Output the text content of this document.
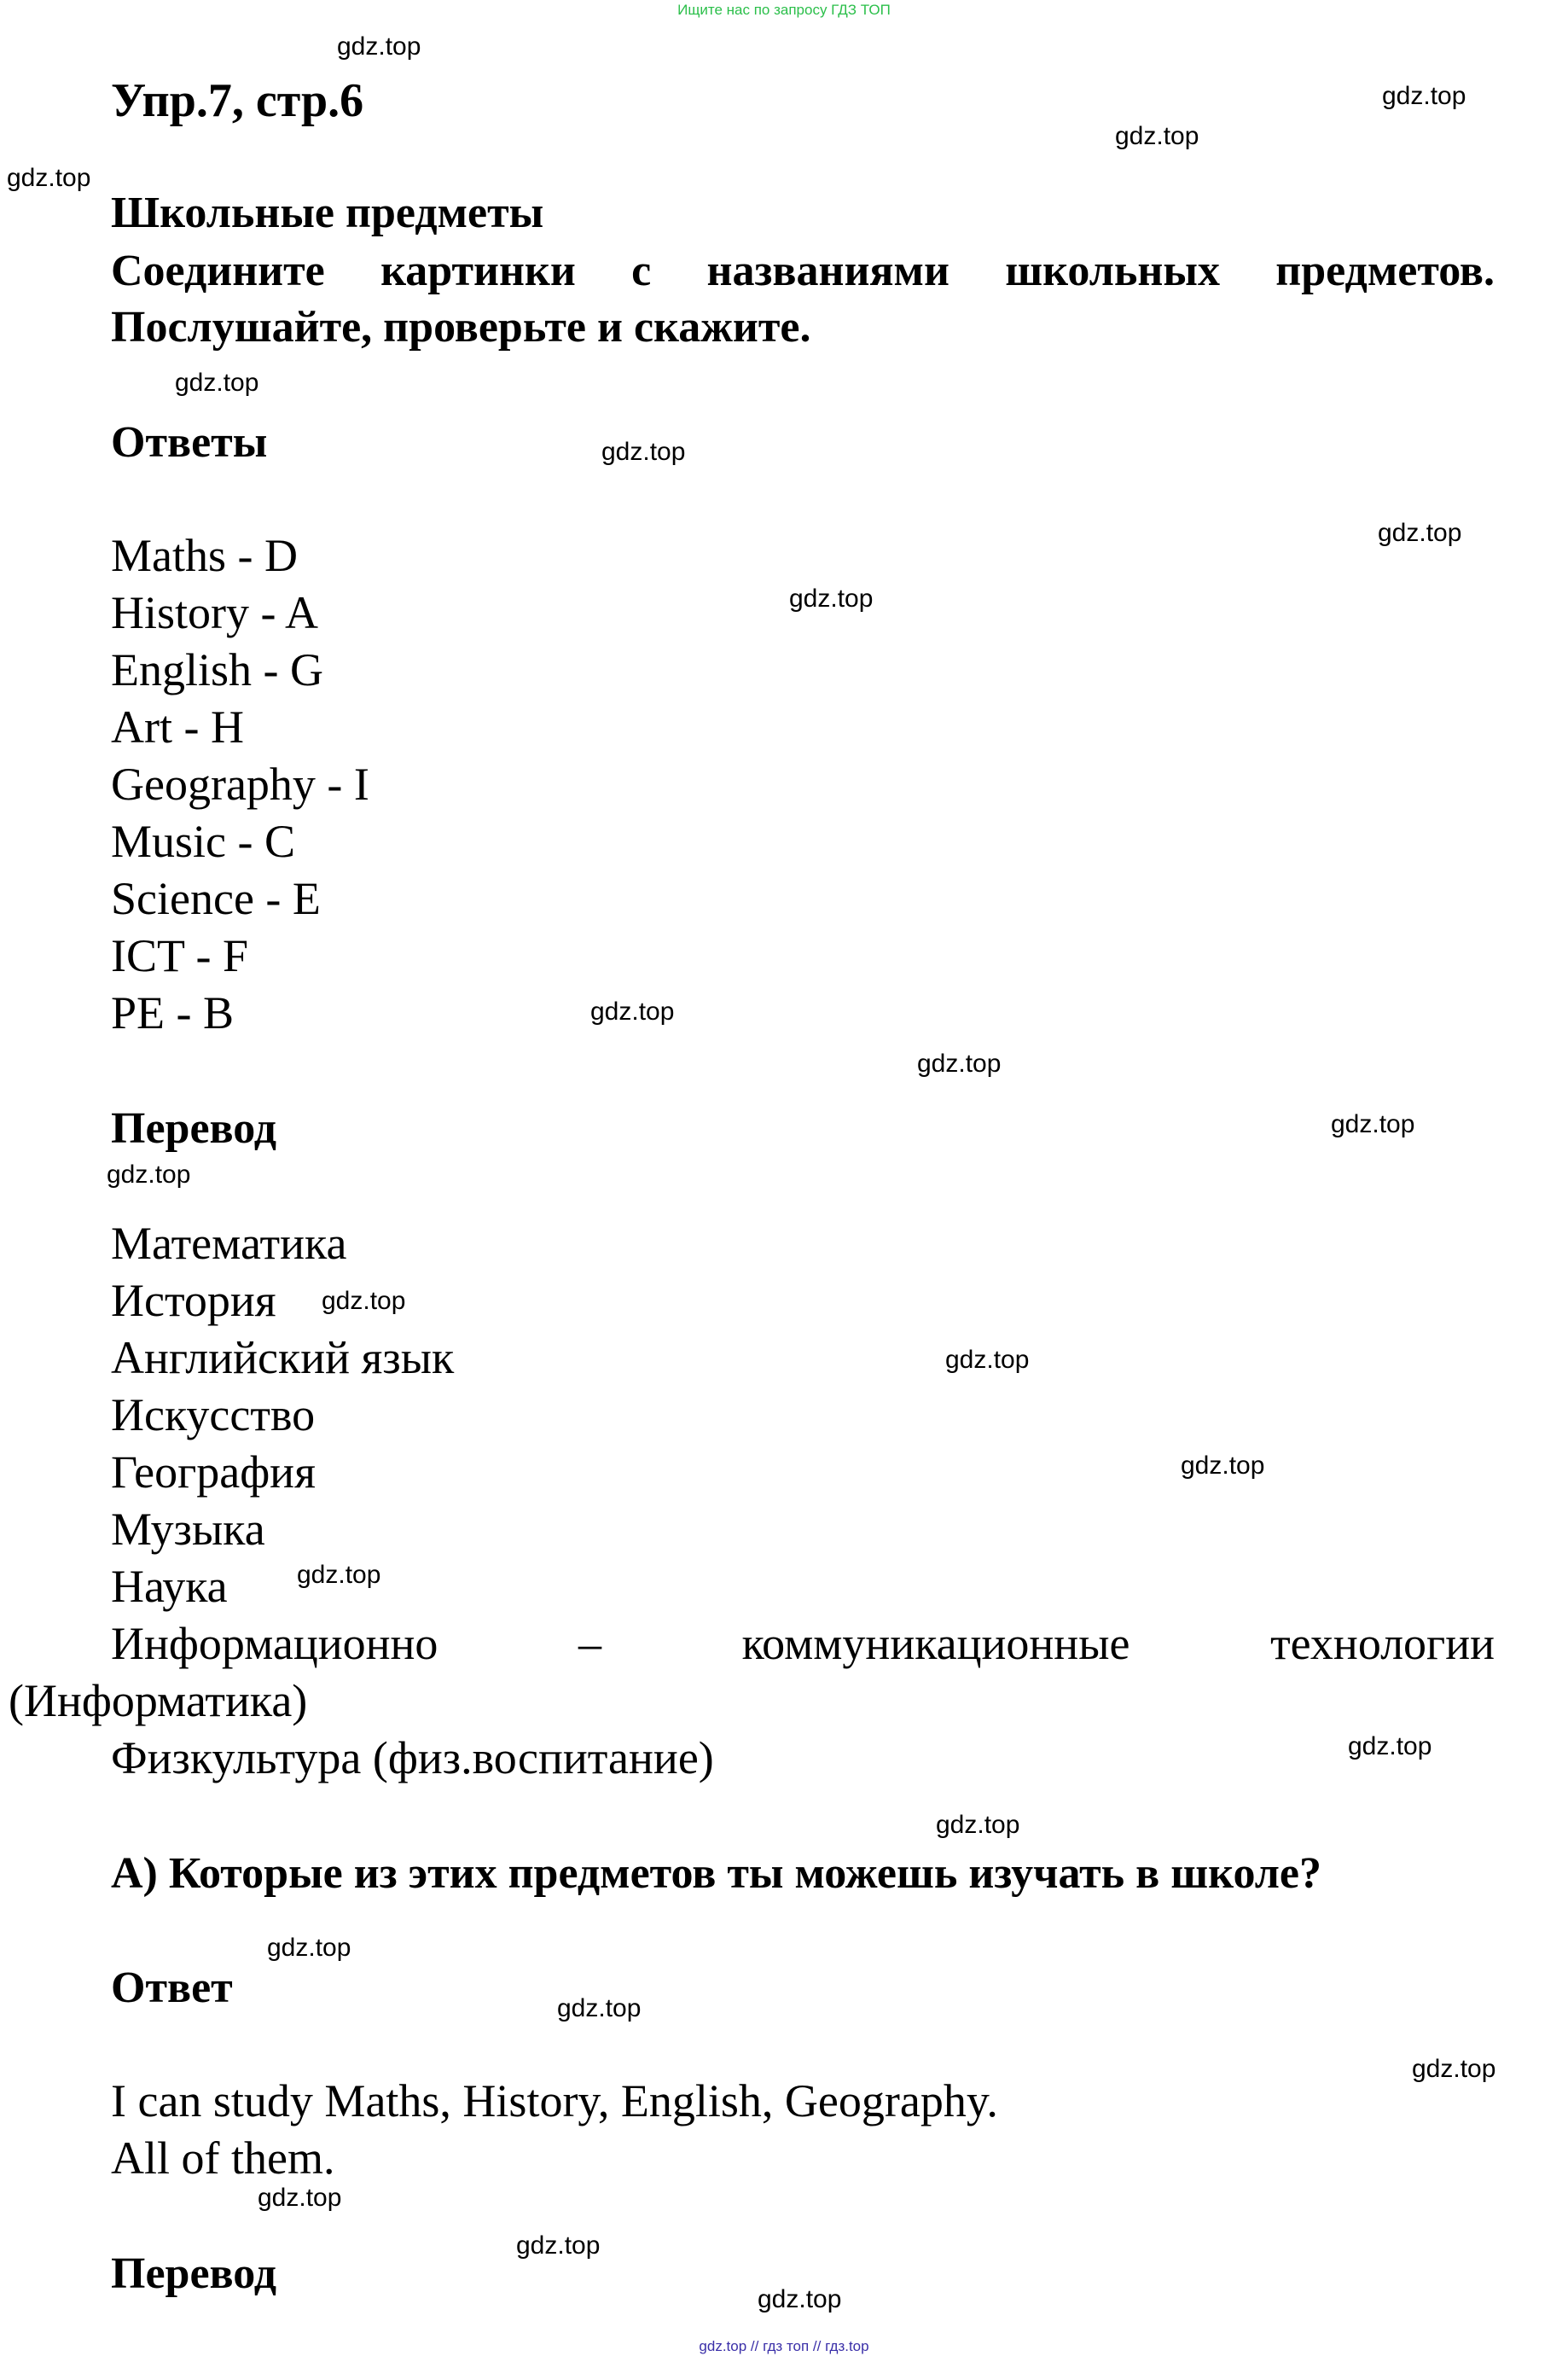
Ищите нас по запросу ГДЗ ТОП
gdz.top // гдз топ // гдз.top
gdz.top
gdz.top
gdz.top
gdz.top
gdz.top
gdz.top
gdz.top
gdz.top
gdz.top
gdz.top
gdz.top
gdz.top
gdz.top
gdz.top
gdz.top
gdz.top
gdz.top
gdz.top
gdz.top
gdz.top
gdz.top
gdz.top
gdz.top
gdz.top
Упр.7, стр.6
Школьные предметы
Соедините картинки с названиями школьных предметов.
Послушайте, проверьте и скажите.
Ответы
Maths - D
History - A
English - G
Art - H
Geography - I
Music - C
Science - E
ICT - F
PE - B
Перевод
Математика
История
Английский язык
Искусство
География
Музыка
Наука
Информационно	–	коммуникационные	технологии
(Информатика)
Физкультура (физ.воспитание)
A) Которые из этих предметов ты можешь изучать в школе?
Ответ
I can study Maths, History, English, Geography.
All of them.
Перевод
